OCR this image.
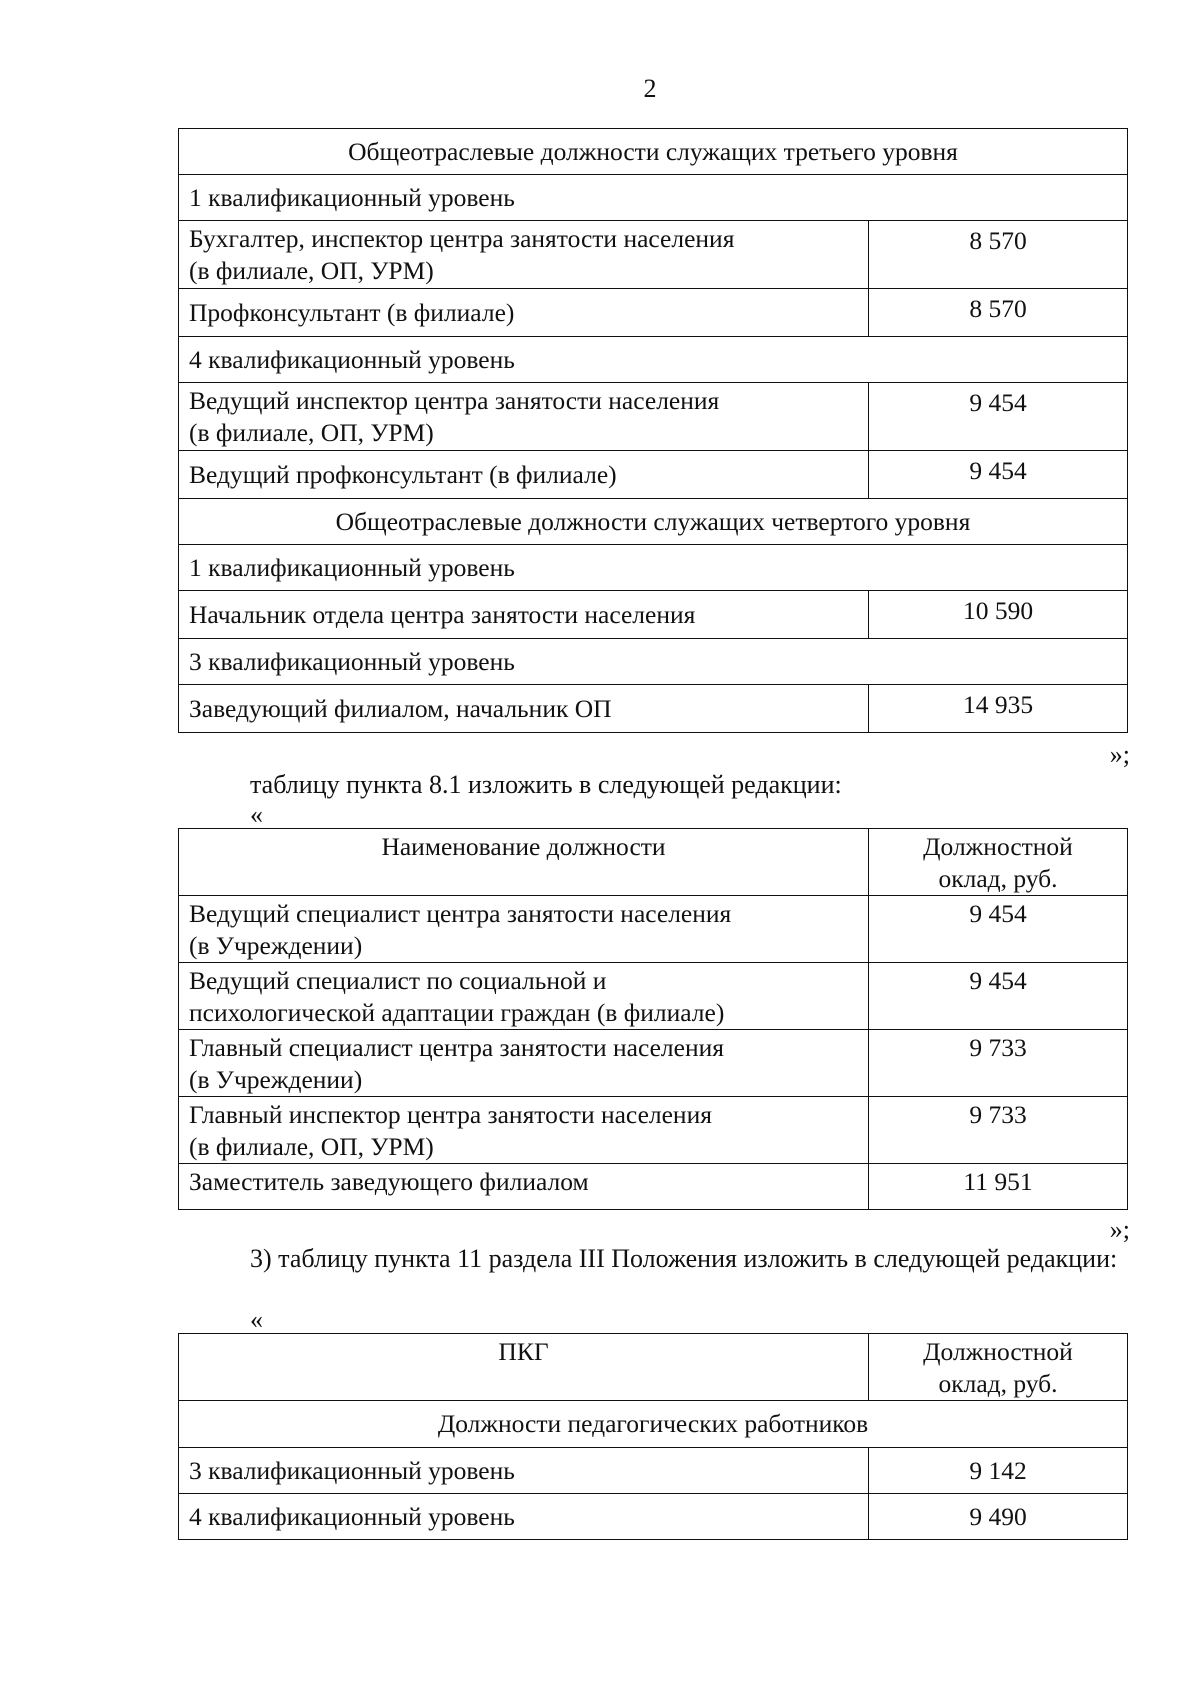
2
Общеотраслевые должности служащих третьего уровня	
1 квалификационный уровень	
Бухгалтер, инспектор центра занятости населения
(в филиале, ОП, УРМ)	8 570
Профконсультант (в филиале)	8 570
4 квалификационный уровень	
Ведущий инспектор центра занятости населения
(в филиале, ОП, УРМ)	9 454
Ведущий профконсультант (в филиале)	9 454
Общеотраслевые должности служащих четвертого уровня	
1 квалификационный уровень	
Начальник отдела центра занятости населения	10 590
3 квалификационный уровень	
Заведующий филиалом, начальник ОП	14 935
»;
таблицу пункта 8.1 изложить в следующей редакции:
«
Наименование должности	Должностной
оклад, руб.
Ведущий специалист центра занятости населения
(в Учреждении)	9 454
Ведущий специалист по социальной и
психологической адаптации граждан (в филиале)	9 454
Главный специалист центра занятости населения
(в Учреждении)	9 733
Главный инспектор центра занятости населения
(в филиале, ОП, УРМ)	9 733
Заместитель заведующего филиалом	11 951
»;
3) таблицу пункта 11 раздела III Положения изложить в следующей редакции:
«
ПКГ	Должностной
оклад, руб.
Должности педагогических работников	
3 квалификационный уровень	9 142
4 квалификационный уровень	9 490
